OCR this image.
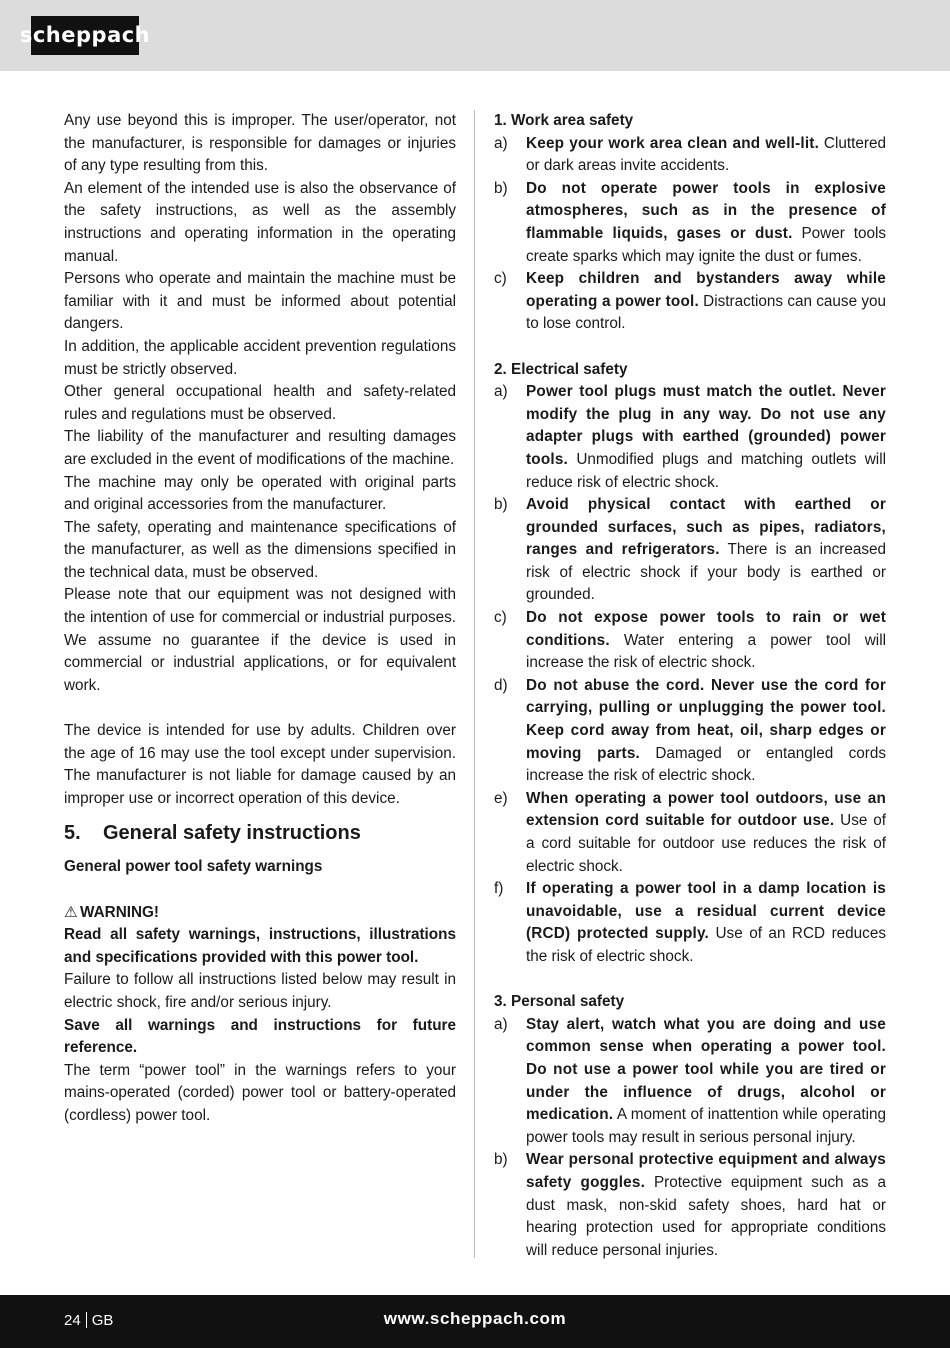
scheppach

Any use beyond this is improper. The user/operator, not the manufacturer, is responsible for damages or injuries of any type resulting from this.

An element of the intended use is also the observance of the safety instructions, as well as the assembly instructions and operating information in the operating manual.

Persons who operate and maintain the machine must be familiar with it and must be informed about potential dangers.

In addition, the applicable accident prevention regulations must be strictly observed.

Other general occupational health and safety-related rules and regulations must be observed.

The liability of the manufacturer and resulting damages are excluded in the event of modifications of the machine.

The machine may only be operated with original parts and original accessories from the manufacturer.

The safety, operating and maintenance specifications of the manufacturer, as well as the dimensions specified in the technical data, must be observed.

Please note that our equipment was not designed with the intention of use for commercial or industrial purposes. We assume no guarantee if the device is used in commercial or industrial applications, or for equivalent work.

The device is intended for use by adults. Children over the age of 16 may use the tool except under supervision. The manufacturer is not liable for damage caused by an improper use or incorrect operation of this device.

5. General safety instructions

General power tool safety warnings

⚠ WARNING!

Read all safety warnings, instructions, illustrations and specifications provided with this power tool.

Failure to follow all instructions listed below may result in electric shock, fire and/or serious injury.

Save all warnings and instructions for future reference.

The term “power tool” in the warnings refers to your mains-operated (corded) power tool or battery-operated (cordless) power tool.

1. Work area safety

a)	Keep your work area clean and well-lit. Cluttered or dark areas invite accidents.
b)	Do not operate power tools in explosive atmospheres, such as in the presence of flammable liquids, gases or dust. Power tools create sparks which may ignite the dust or fumes.
c)	Keep children and bystanders away while operating a power tool. Distractions can cause you to lose control.

2. Electrical safety

a)	Power tool plugs must match the outlet. Never modify the plug in any way. Do not use any adapter plugs with earthed (grounded) power tools. Unmodified plugs and matching outlets will reduce risk of electric shock.
b)	Avoid physical contact with earthed or grounded surfaces, such as pipes, radiators, ranges and refrigerators. There is an increased risk of electric shock if your body is earthed or grounded.
c)	Do not expose power tools to rain or wet conditions. Water entering a power tool will increase the risk of electric shock.
d)	Do not abuse the cord. Never use the cord for carrying, pulling or unplugging the power tool. Keep cord away from heat, oil, sharp edges or moving parts. Damaged or entangled cords increase the risk of electric shock.
e)	When operating a power tool outdoors, use an extension cord suitable for outdoor use. Use of a cord suitable for outdoor use reduces the risk of electric shock.
f)	If operating a power tool in a damp location is unavoidable, use a residual current device (RCD) protected supply. Use of an RCD reduces the risk of electric shock.

3. Personal safety

a)	Stay alert, watch what you are doing and use common sense when operating a power tool. Do not use a power tool while you are tired or under the influence of drugs, alcohol or medication. A moment of inattention while operating power tools may result in serious personal injury.
b)	Wear personal protective equipment and always safety goggles. Protective equipment such as a dust mask, non-skid safety shoes, hard hat or hearing protection used for appropriate conditions will reduce personal injuries.
24 GB	www.scheppach.com
